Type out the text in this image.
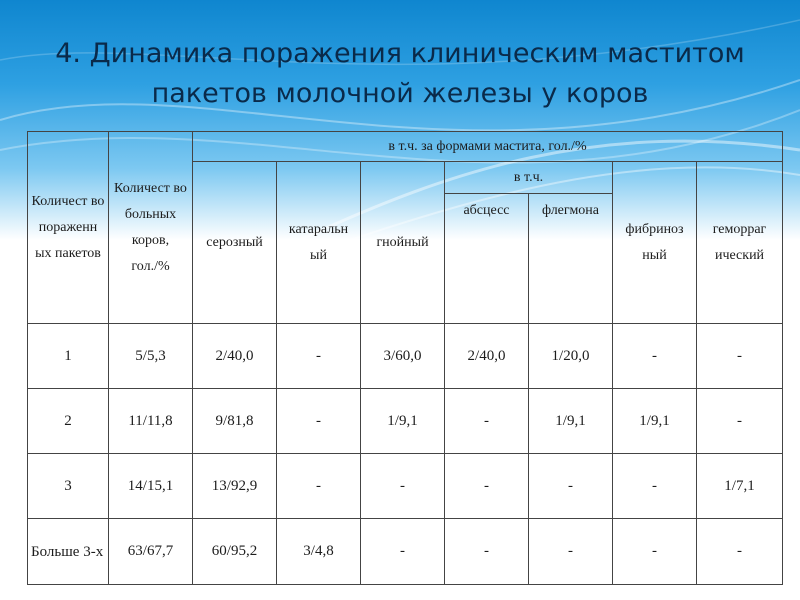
4. Динамика поражения клиническим маститом
пакетов молочной железы у коров
Количест во пораженн ых пакетов	Количест во больных коров, гол./%	в т.ч. за формами мастита, гол./%						
		серозный	катаральн ый	гнойный	в т.ч.		фибриноз ный	геморраг ический
					абсцесс	флегмона		
1	5/5,3	2/40,0	-	3/60,0	2/40,0	1/20,0	-	-
2	11/11,8	9/81,8	-	1/9,1	-	1/9,1	1/9,1	-
3	14/15,1	13/92,9	-	-	-	-	-	1/7,1
Больше 3-х	63/67,7	60/95,2	3/4,8	-	-	-	-	-
